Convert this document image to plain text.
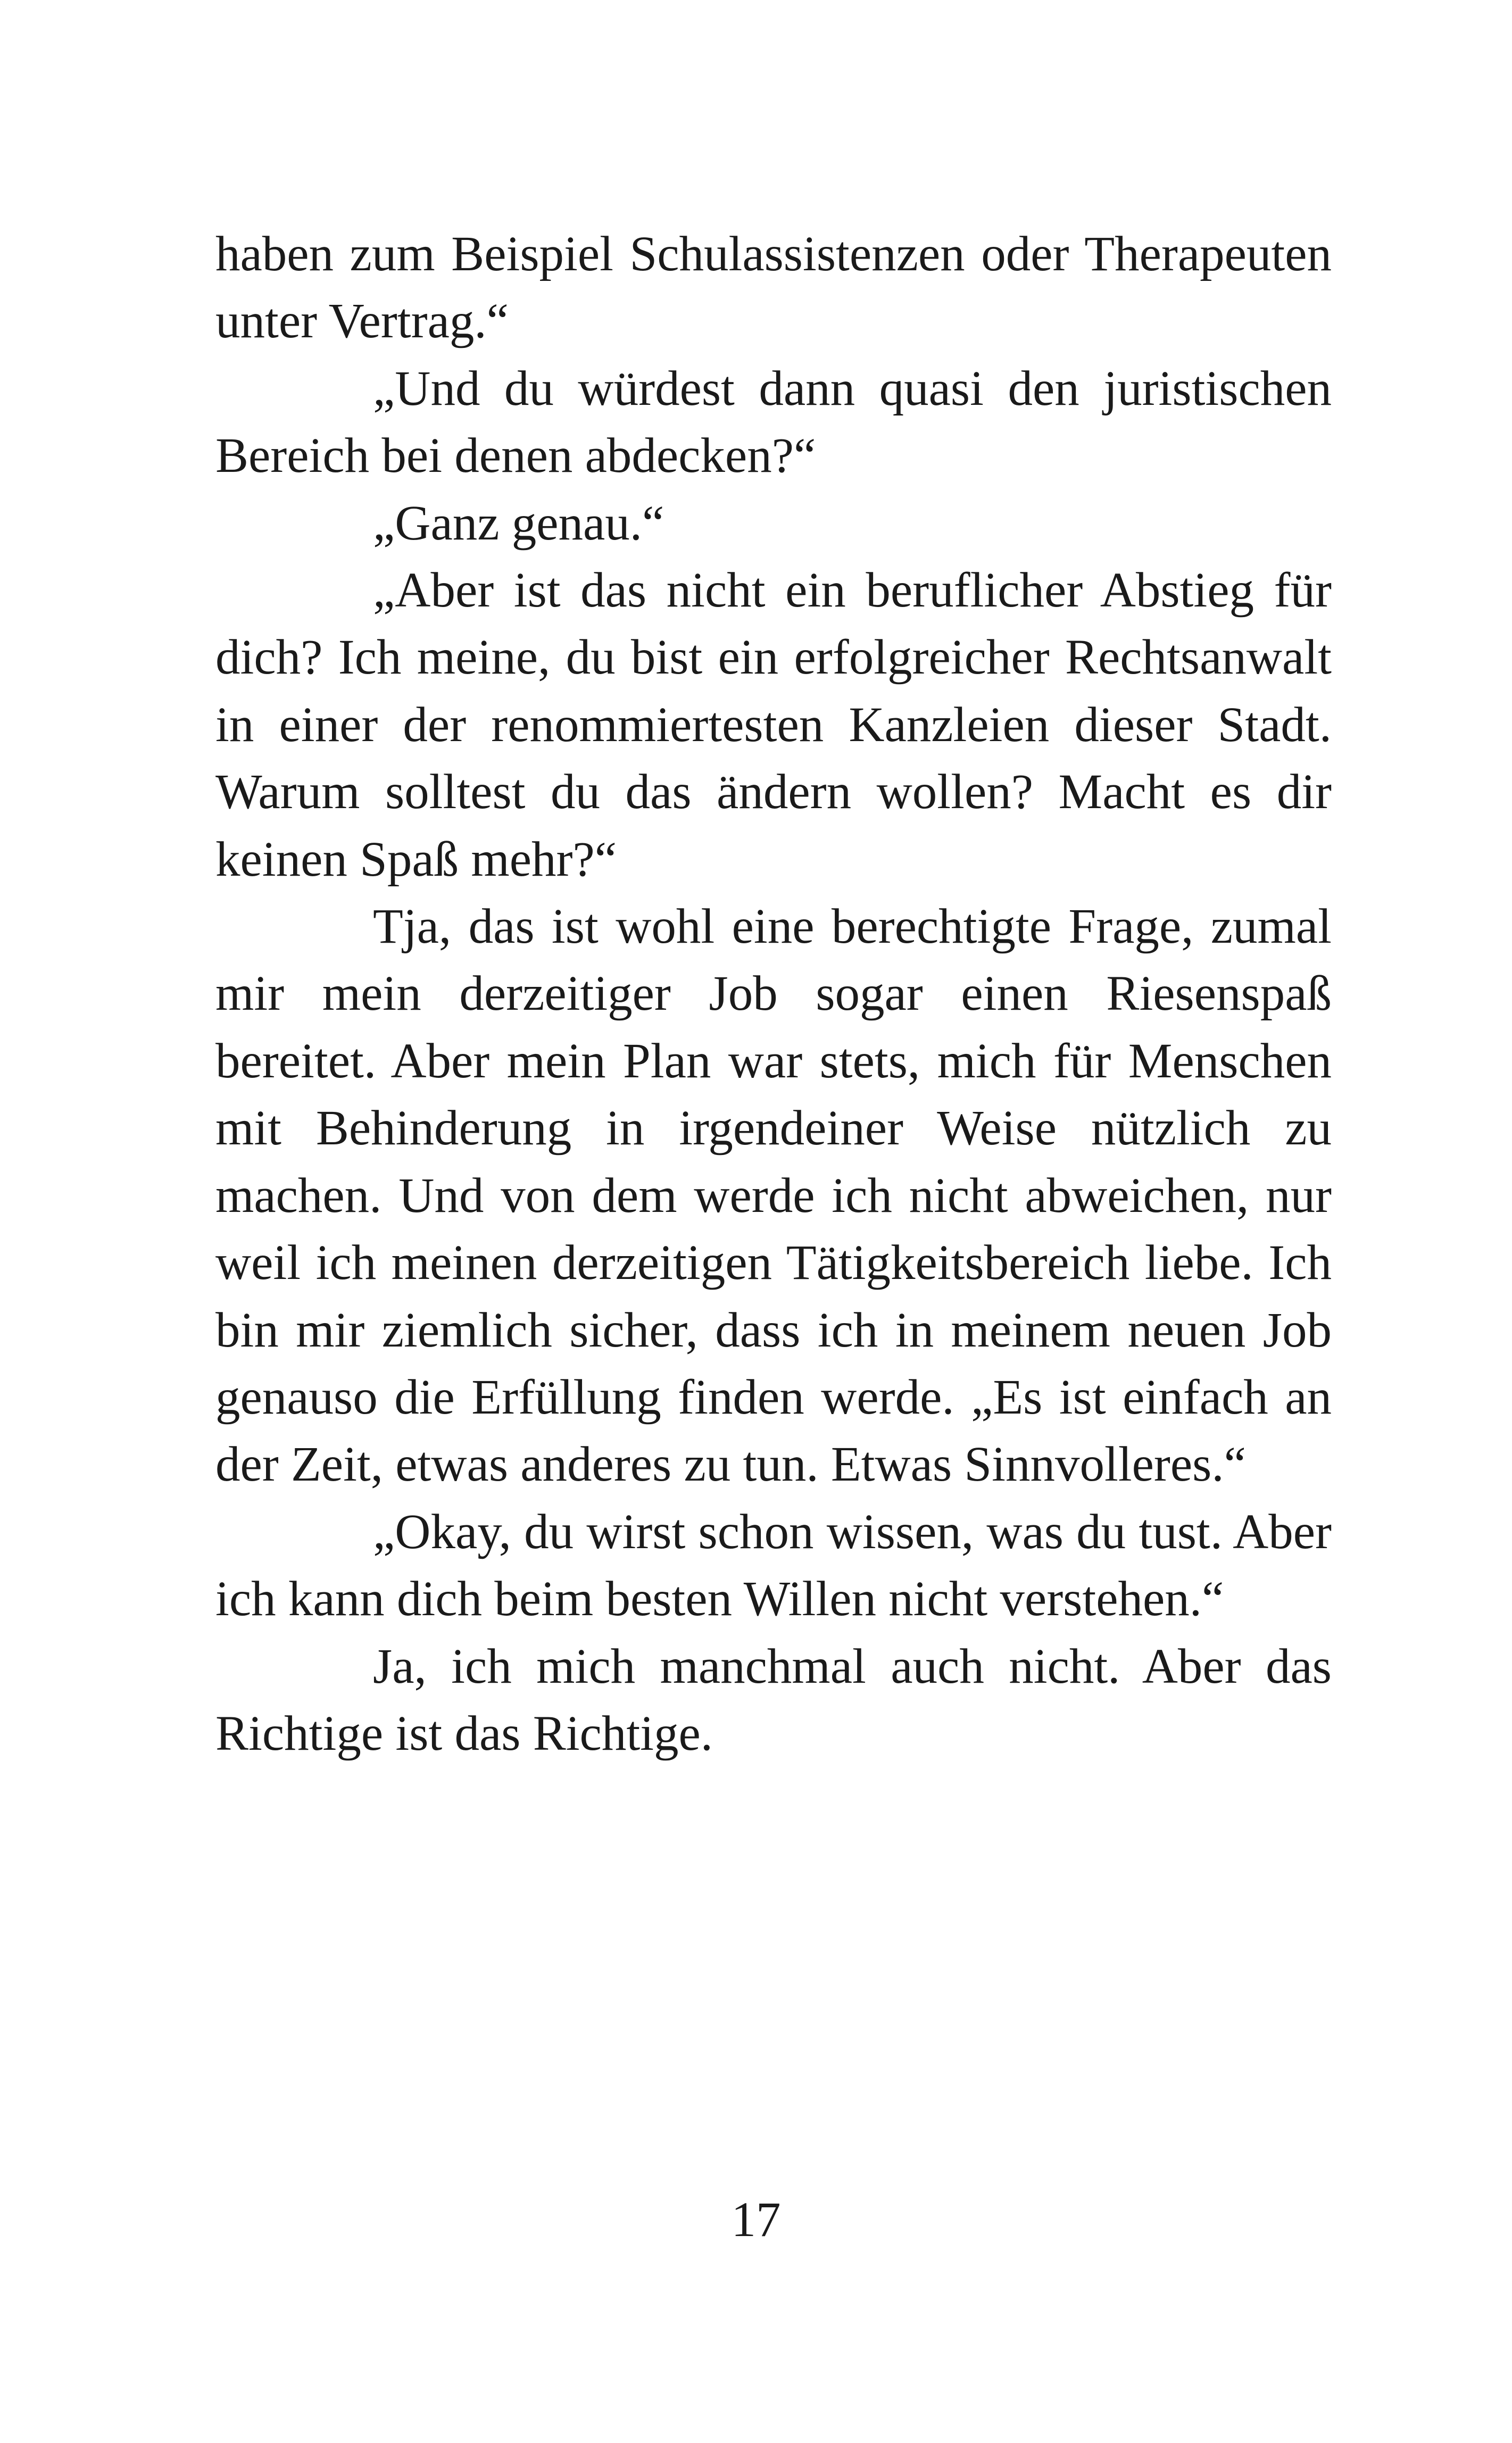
haben zum Beispiel Schulassistenzen oder Therapeuten unter Vertrag.“

„Und du würdest dann quasi den juristischen Bereich bei denen abdecken?“

„Ganz genau.“

„Aber ist das nicht ein beruflicher Abstieg für dich? Ich meine, du bist ein erfolgreicher Rechtsanwalt in einer der renommiertesten Kanzleien dieser Stadt. Warum solltest du das ändern wollen? Macht es dir keinen Spaß mehr?“

Tja, das ist wohl eine berechtigte Frage, zumal mir mein derzeitiger Job sogar einen Riesenspaß bereitet. Aber mein Plan war stets, mich für Menschen mit Behinderung in irgendeiner Weise nützlich zu machen. Und von dem werde ich nicht abweichen, nur weil ich meinen derzeitigen Tätigkeitsbereich liebe. Ich bin mir ziemlich sicher, dass ich in meinem neuen Job genauso die Erfüllung finden werde. „Es ist einfach an der Zeit, etwas anderes zu tun. Etwas Sinnvolleres.“

„Okay, du wirst schon wissen, was du tust. Aber ich kann dich beim besten Willen nicht verstehen.“

Ja, ich mich manchmal auch nicht. Aber das Richtige ist das Richtige.

17
